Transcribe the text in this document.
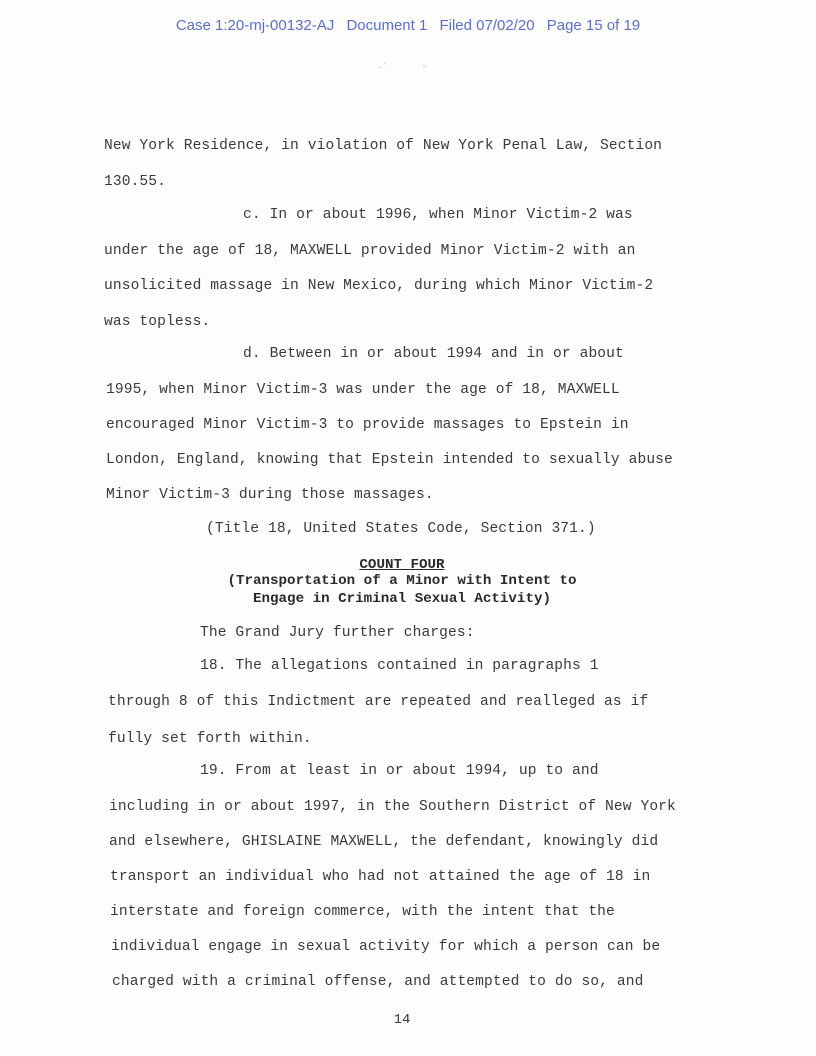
Case 1:20-mj-00132-AJ Document 1 Filed 07/02/20 Page 15 of 19
- `	"
New York Residence, in violation of New York Penal Law, Section
130.55.
c. In or about 1996, when Minor Victim-2 was
under the age of 18, MAXWELL provided Minor Victim-2 with an
unsolicited massage in New Mexico, during which Minor Victim-2
was topless.
d. Between in or about 1994 and in or about
1995, when Minor Victim-3 was under the age of 18, MAXWELL
encouraged Minor Victim-3 to provide massages to Epstein in
London, England, knowing that Epstein intended to sexually abuse
Minor Victim-3 during those massages.
(Title 18, United States Code, Section 371.)
COUNT FOUR
(Transportation of a Minor with Intent to
Engage in Criminal Sexual Activity)
The Grand Jury further charges:
18. The allegations contained in paragraphs 1
through 8 of this Indictment are repeated and realleged as if
fully set forth within.
19. From at least in or about 1994, up to and
including in or about 1997, in the Southern District of New York
and elsewhere, GHISLAINE MAXWELL, the defendant, knowingly did
transport an individual who had not attained the age of 18 in
interstate and foreign commerce, with the intent that the
individual engage in sexual activity for which a person can be
charged with a criminal offense, and attempted to do so, and
14
